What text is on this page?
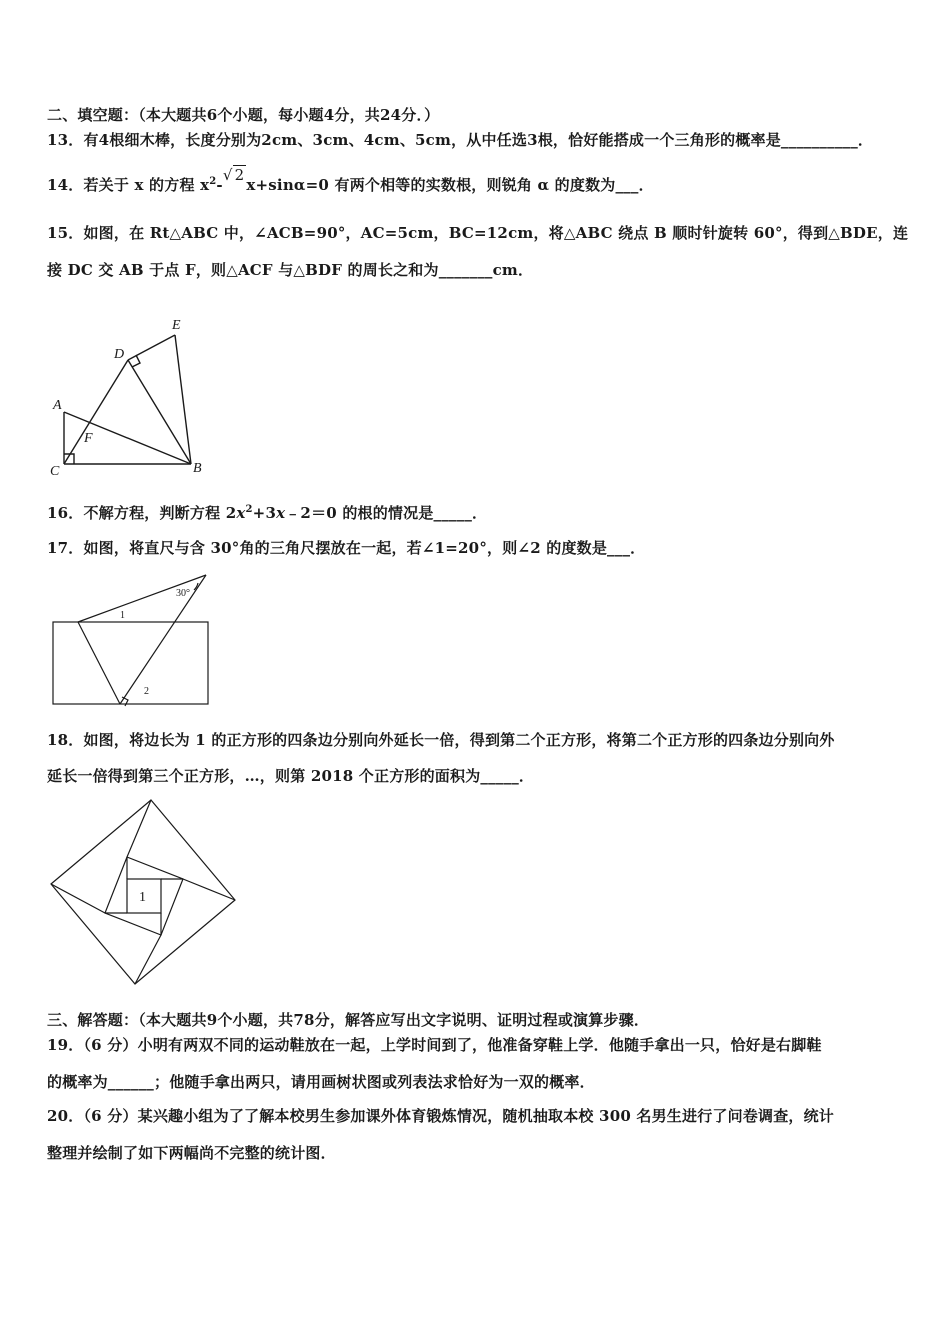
二、填空题：（本大题共6个小题，每小题4分，共24分．）
13．有4根细木棒，长度分别为2cm、3cm、4cm、5cm，从中任选3根，恰好能搭成一个三角形的概率是__________．
14．若关于 x 的方程 $x^2-√$ 2x+sinα=0 有两个相等的实数根，则锐角 α 的度数为___．
15．如图，在 Rt△ABC 中，∠ACB=90°，AC=5cm，BC=12cm，将△ABC 绕点 B 顺时针旋转 60°，得到△BDE，连
接 DC 交 AB 于点 F，则△ACF 与△BDF 的周长之和为_______cm．
A
B
C
D
E
F
16．不解方程，判断方程 $2x^2+3x﹣2=0$ 的根的情况是_____．
17．如图，将直尺与含 30°角的三角尺摆放在一起，若∠1=20°，则∠2 的度数是___．
30°
1
2
18．如图，将边长为 1 的正方形的四条边分别向外延长一倍，得到第二个正方形，将第二个正方形的四条边分别向外
延长一倍得到第三个正方形，…，则第 2018 个正方形的面积为_____．
1
三、解答题：（本大题共9个小题，共78分，解答应写出文字说明、证明过程或演算步骤．
19．（6 分）小明有两双不同的运动鞋放在一起，上学时间到了，他准备穿鞋上学．他随手拿出一只，恰好是右脚鞋
的概率为______；他随手拿出两只，请用画树状图或列表法求恰好为一双的概率．
20．（6 分）某兴趣小组为了了解本校男生参加课外体育锻炼情况，随机抽取本校 300 名男生进行了问卷调查，统计
整理并绘制了如下两幅尚不完整的统计图．
